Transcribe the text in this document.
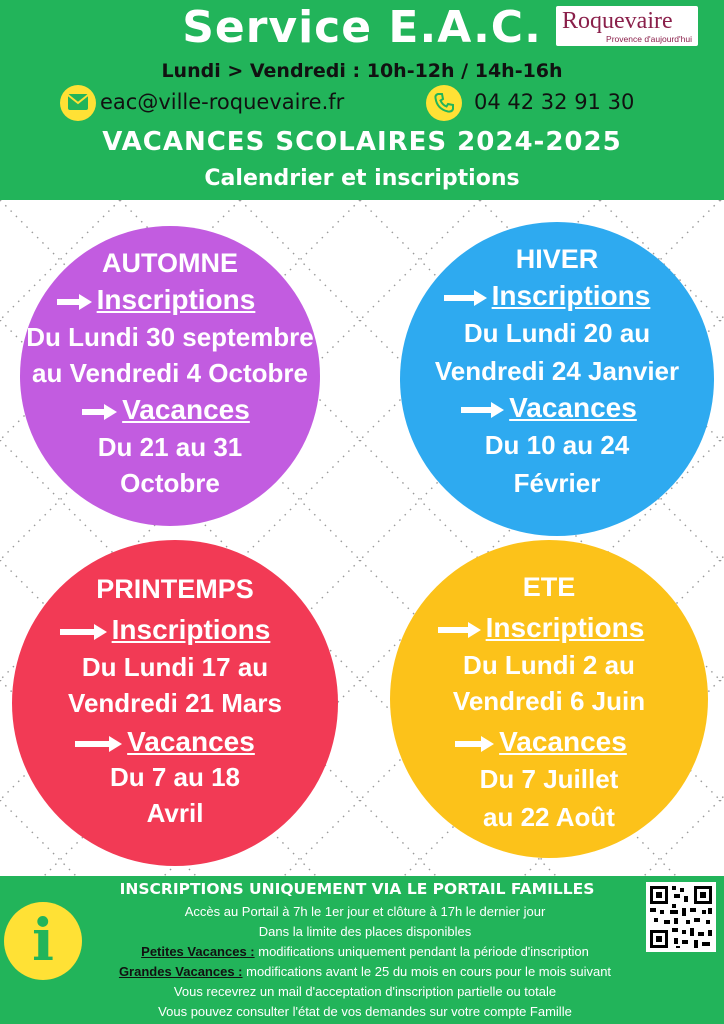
Service E.A.C. Roquevaire
Provence d'aujourd'hui
Lundi > Vendredi : 10h-12h / 14h-16h
eac@ville-roquevaire.fr	04 42 32 91 30
VACANCES SCOLAIRES 2024-2025
Calendrier et inscriptions
AUTOMNE
Inscriptions
Du Lundi 30 septembre
au Vendredi 4 Octobre
Vacances
Du 21 au 31
Octobre
HIVER
Inscriptions
Du Lundi 20 au
Vendredi 24 Janvier
Vacances
Du 10 au 24
Février
PRINTEMPS
Inscriptions
Du Lundi 17 au
Vendredi 21 Mars
Vacances
Du 7 au 18
Avril
ETE
Inscriptions
Du Lundi 2 au
Vendredi 6 Juin
Vacances
Du 7 Juillet
au 22 Août
i
INSCRIPTIONS UNIQUEMENT VIA LE PORTAIL FAMILLES
Accès au Portail à 7h le 1er jour et clôture à 17h le dernier jour
Dans la limite des places disponibles
Petites Vacances : modifications uniquement pendant la période d'inscription
Grandes Vacances : modifications avant le 25 du mois en cours pour le mois suivant
Vous recevrez un mail d'acceptation d'inscription partielle ou totale
Vous pouvez consulter l'état de vos demandes sur votre compte Famille
